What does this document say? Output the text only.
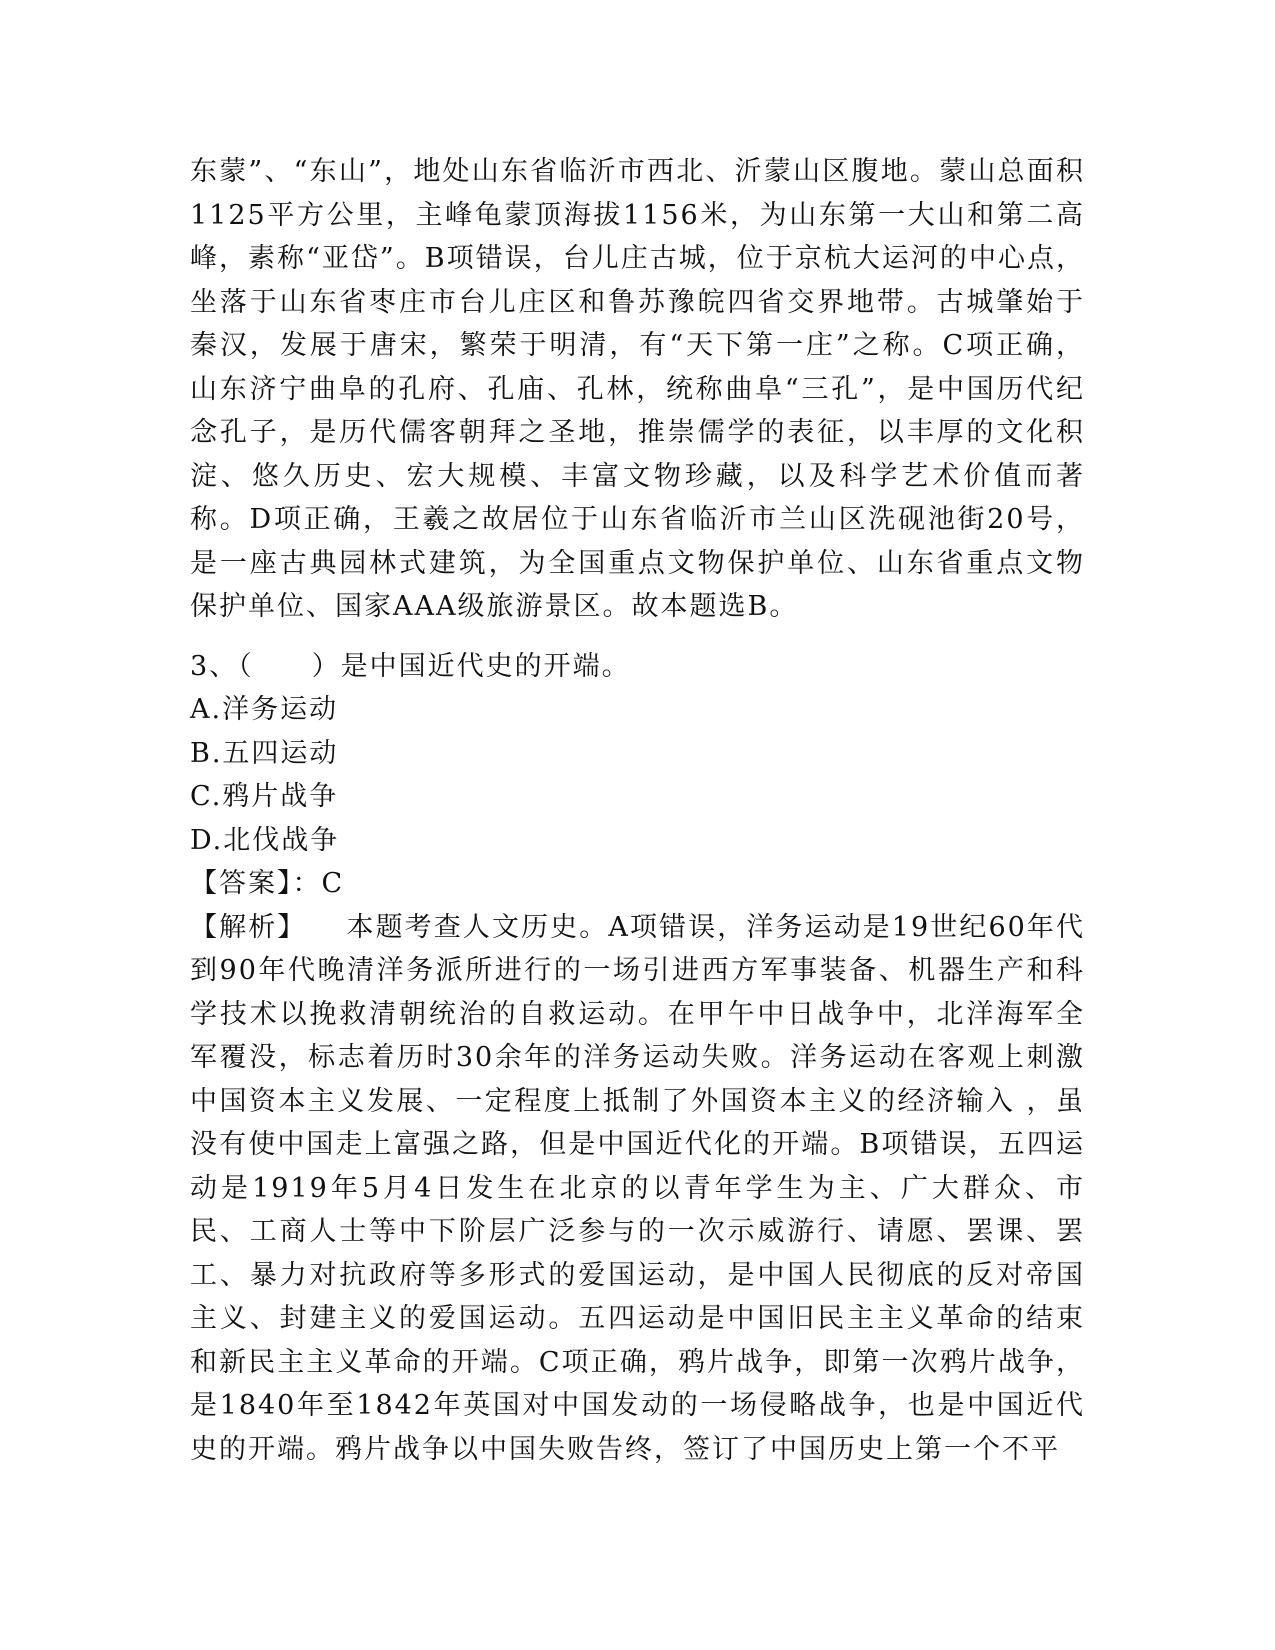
东蒙”、“东山”，地处山东省临沂市西北、沂蒙山区腹地。蒙山总面积1125平方公里，主峰龟蒙顶海拔1156米，为山东第一大山和第二高峰，素称“亚岱”。B项错误，台儿庄古城，位于京杭大运河的中心点，坐落于山东省枣庄市台儿庄区和鲁苏豫皖四省交界地带。古城肇始于秦汉，发展于唐宋，繁荣于明清，有“天下第一庄”之称。C项正确，山东济宁曲阜的孔府、孔庙、孔林，统称曲阜“三孔”，是中国历代纪念孔子，是历代儒客朝拜之圣地，推崇儒学的表征，以丰厚的文化积淀、悠久历史、宏大规模、丰富文物珍藏，以及科学艺术价值而著称。D项正确，王羲之故居位于山东省临沂市兰山区洗砚池街20号，是一座古典园林式建筑，为全国重点文物保护单位、山东省重点文物保护单位、国家AAA级旅游景区。故本题选B。

3、（　　）是中国近代史的开端。

A.洋务运动

B.五四运动

C.鸦片战争

D.北伐战争

【答案】：C

【解析】 本题考查人文历史。A项错误，洋务运动是19世纪60年代到90年代晚清洋务派所进行的一场引进西方军事装备、机器生产和科学技术以挽救清朝统治的自救运动。在甲午中日战争中，北洋海军全军覆没，标志着历时30余年的洋务运动失败。洋务运动在客观上刺激中国资本主义发展、一定程度上抵制了外国资本主义的经济输入 ，虽没有使中国走上富强之路，但是中国近代化的开端。B项错误，五四运动是1919年5月4日发生在北京的以青年学生为主、广大群众、市民、工商人士等中下阶层广泛参与的一次示威游行、请愿、罢课、罢工、暴力对抗政府等多形式的爱国运动，是中国人民彻底的反对帝国主义、封建主义的爱国运动。五四运动是中国旧民主主义革命的结束和新民主主义革命的开端。C项正确，鸦片战争，即第一次鸦片战争，是1840年至1842年英国对中国发动的一场侵略战争，也是中国近代史的开端。鸦片战争以中国失败告终，签订了中国历史上第一个不平
